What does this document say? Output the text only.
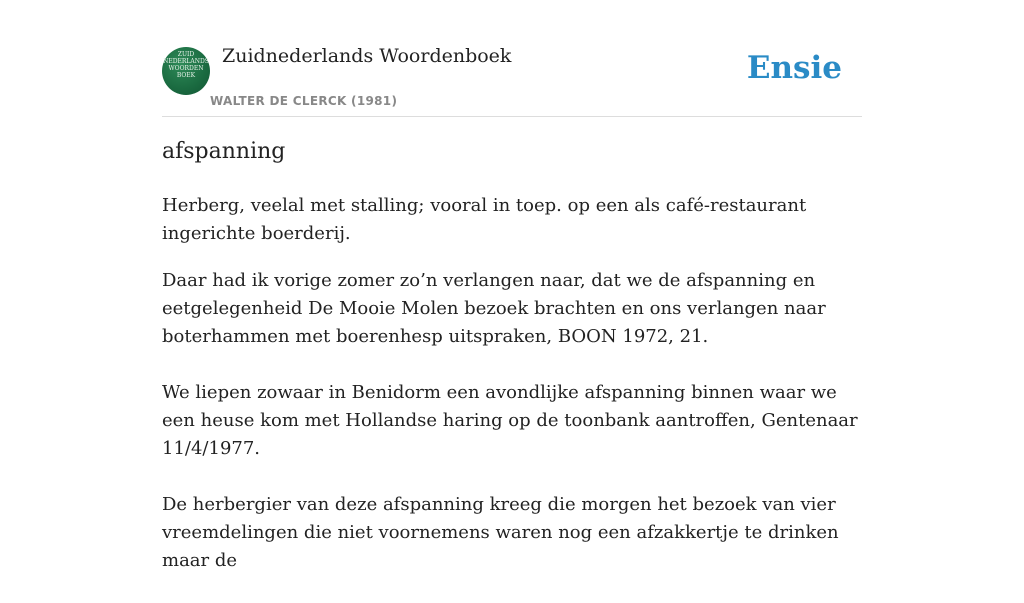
ZUID
NEDERLANDS
WOORDEN
BOEK
Zuidnederlands Woordenboek
WALTER DE CLERCK (1981)
Ensie
afspanning

Herberg, veelal met stalling; vooral in toep. op een als café-restaurant ingerichte boerderij.

Daar had ik vorige zomer zo’n verlangen naar, dat we de afspanning en eetgelegenheid De Mooie Molen bezoek brachten en ons verlangen naar boterhammen met boerenhesp uitspraken, BOON 1972, 21.

We liepen zowaar in Benidorm een avondlijke afspanning binnen waar we een heuse kom met Hollandse haring op de toonbank aantroffen, Gentenaar 11/4/1977.

De herbergier van deze afspanning kreeg die morgen het bezoek van vier vreemdelingen die niet voornemens waren nog een afzakkertje te drinken maar de
